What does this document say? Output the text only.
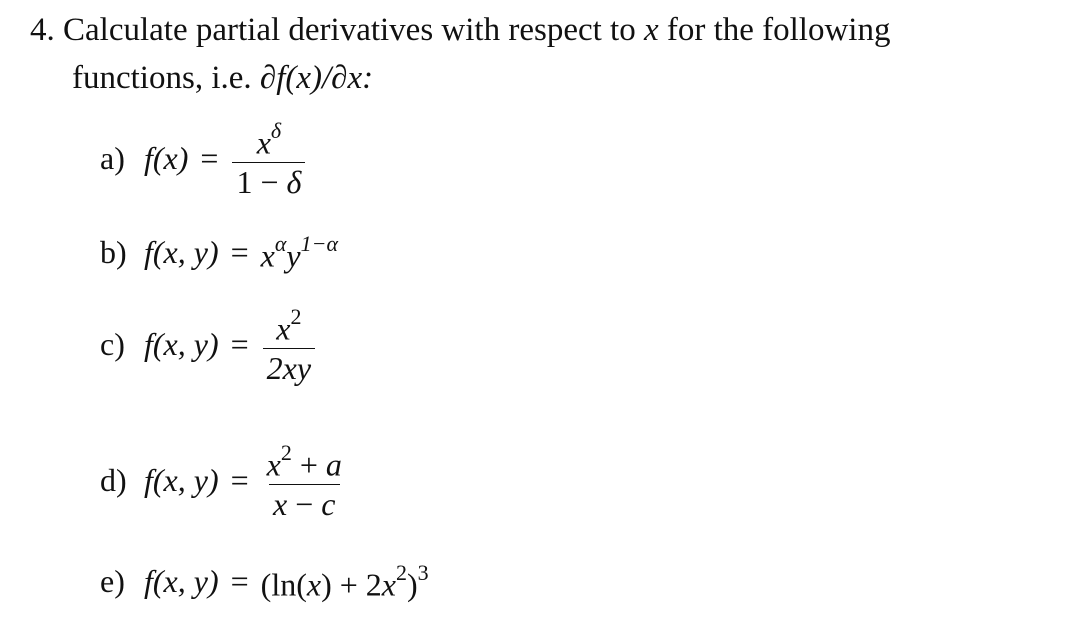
4. Calculate partial derivatives with respect to x for the following
functions, i.e. ∂f(x)/∂x:
a) $f(x) = \frac{x^\delta}{1 - \delta}$
b) f(x, $y) = x^\alpha y^{1-\alpha}$
c) f(x, $y) = \frac{x^2}{2xy}$
d) f(x, $y) = \frac{x^2 + a}{x - c}$
e) f(x, $y) = (\ln(x) + 2x^2)^3$
